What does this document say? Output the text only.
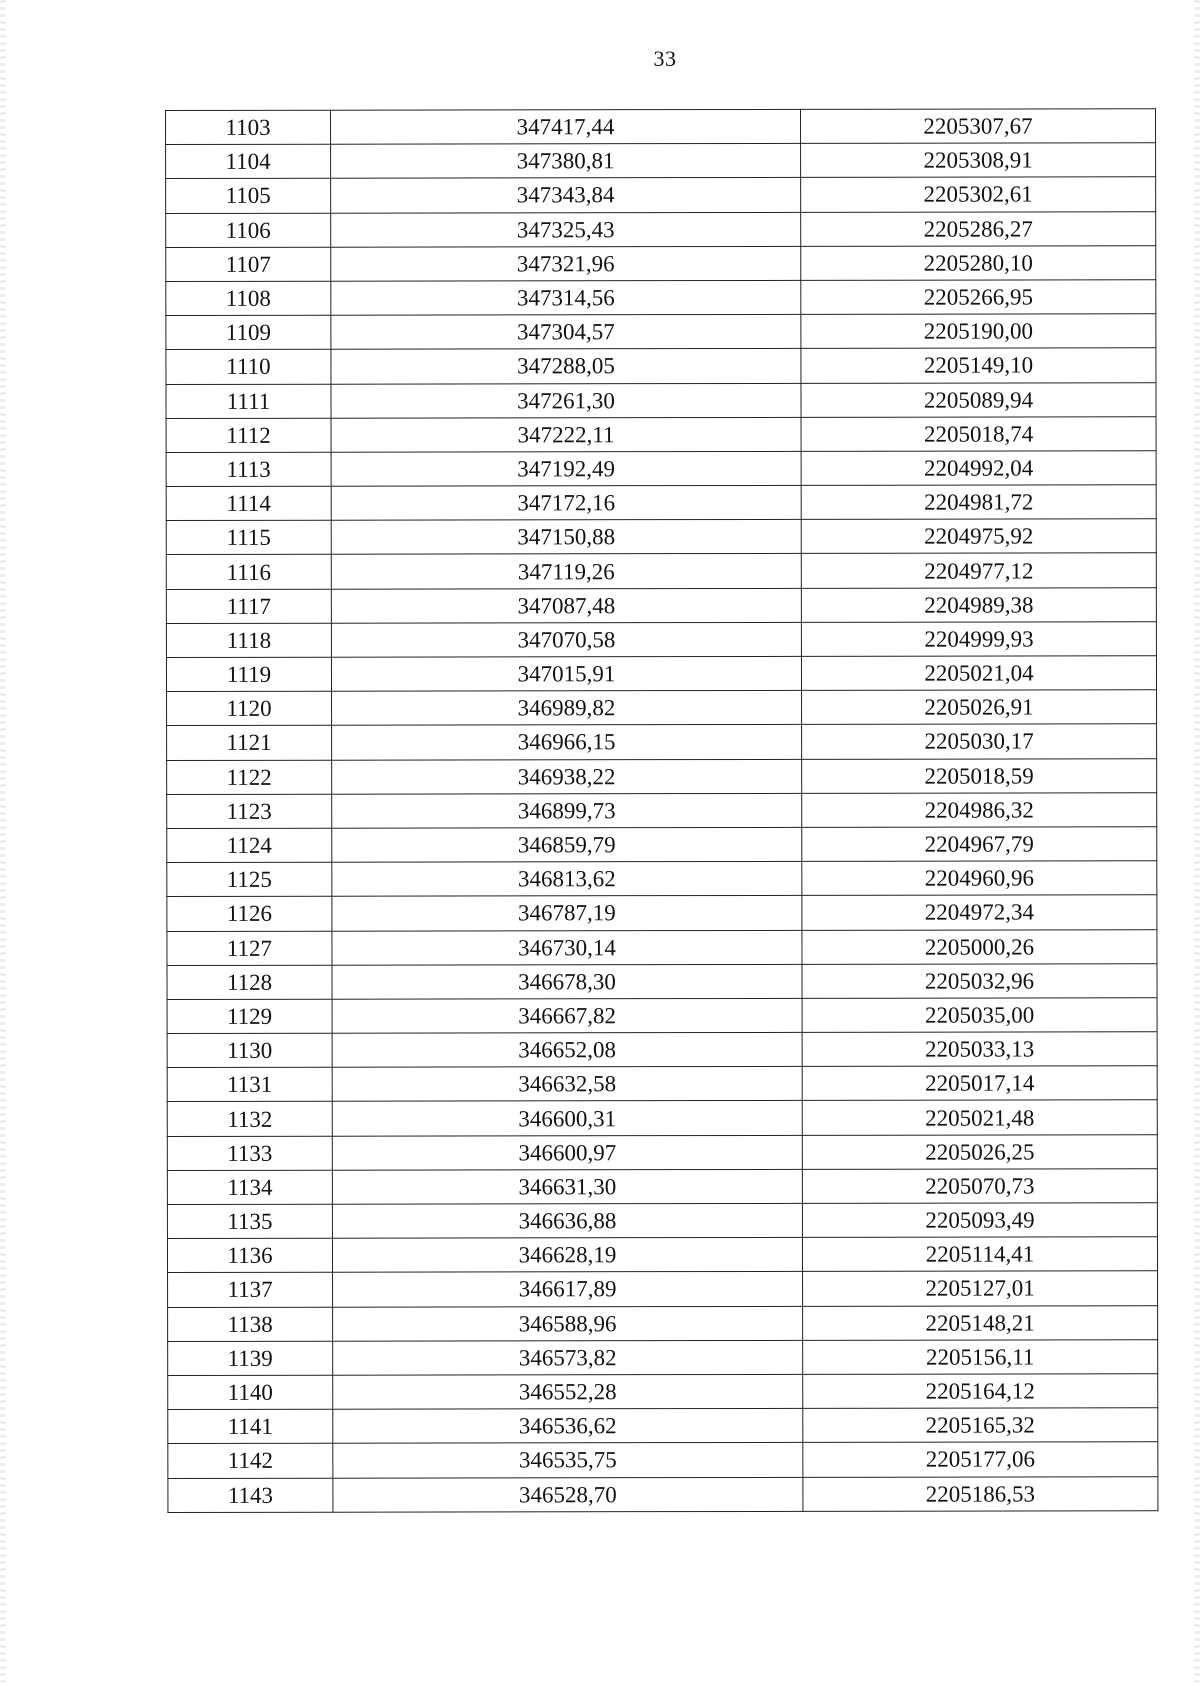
33
1103	347417,44	2205307,67
1104	347380,81	2205308,91
1105	347343,84	2205302,61
1106	347325,43	2205286,27
1107	347321,96	2205280,10
1108	347314,56	2205266,95
1109	347304,57	2205190,00
1110	347288,05	2205149,10
1111	347261,30	2205089,94
1112	347222,11	2205018,74
1113	347192,49	2204992,04
1114	347172,16	2204981,72
1115	347150,88	2204975,92
1116	347119,26	2204977,12
1117	347087,48	2204989,38
1118	347070,58	2204999,93
1119	347015,91	2205021,04
1120	346989,82	2205026,91
1121	346966,15	2205030,17
1122	346938,22	2205018,59
1123	346899,73	2204986,32
1124	346859,79	2204967,79
1125	346813,62	2204960,96
1126	346787,19	2204972,34
1127	346730,14	2205000,26
1128	346678,30	2205032,96
1129	346667,82	2205035,00
1130	346652,08	2205033,13
1131	346632,58	2205017,14
1132	346600,31	2205021,48
1133	346600,97	2205026,25
1134	346631,30	2205070,73
1135	346636,88	2205093,49
1136	346628,19	2205114,41
1137	346617,89	2205127,01
1138	346588,96	2205148,21
1139	346573,82	2205156,11
1140	346552,28	2205164,12
1141	346536,62	2205165,32
1142	346535,75	2205177,06
1143	346528,70	2205186,53
